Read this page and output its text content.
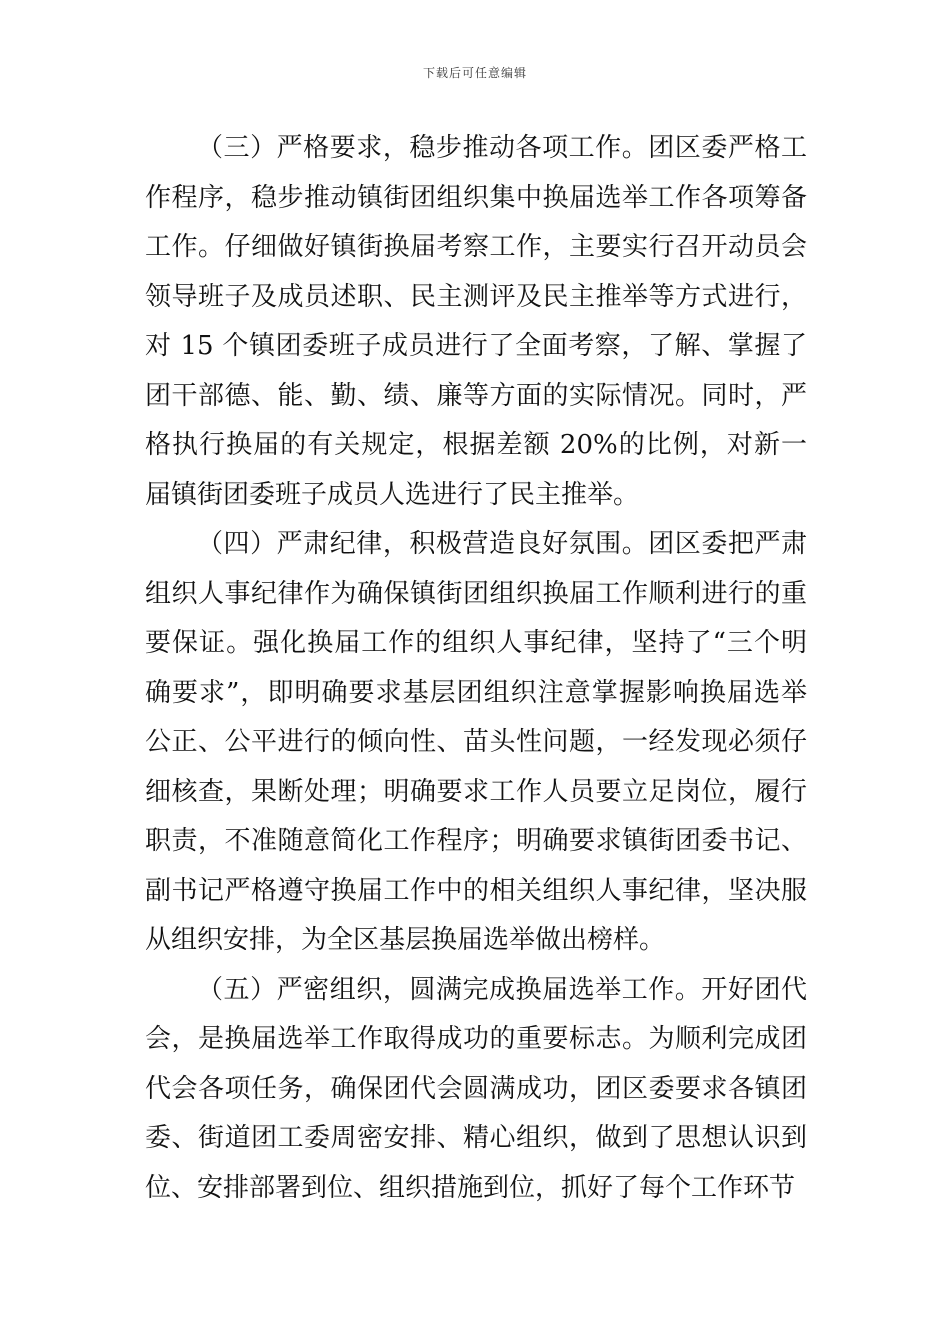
下载后可任意编辑

（三）严格要求，稳步推动各项工作。团区委严格工作程序，稳步推动镇街团组织集中换届选举工作各项筹备工作。仔细做好镇街换届考察工作，主要实行召开动员会领导班子及成员述职、民主测评及民主推举等方式进行，对 15 个镇团委班子成员进行了全面考察，了解、掌握了团干部德、能、勤、绩、廉等方面的实际情况。同时，严格执行换届的有关规定，根据差额 20%的比例，对新一届镇街团委班子成员人选进行了民主推举。

（四）严肃纪律，积极营造良好氛围。团区委把严肃组织人事纪律作为确保镇街团组织换届工作顺利进行的重要保证。强化换届工作的组织人事纪律，坚持了“三个明确要求”，即明确要求基层团组织注意掌握影响换届选举公正、公平进行的倾向性、苗头性问题，一经发现必须仔细核查，果断处理；明确要求工作人员要立足岗位，履行职责，不准随意简化工作程序；明确要求镇街团委书记、副书记严格遵守换届工作中的相关组织人事纪律，坚决服从组织安排，为全区基层换届选举做出榜样。

（五）严密组织，圆满完成换届选举工作。开好团代会，是换届选举工作取得成功的重要标志。为顺利完成团代会各项任务，确保团代会圆满成功，团区委要求各镇团委、街道团工委周密安排、精心组织，做到了思想认识到位、安排部署到位、组织措施到位，抓好了每个工作环节
